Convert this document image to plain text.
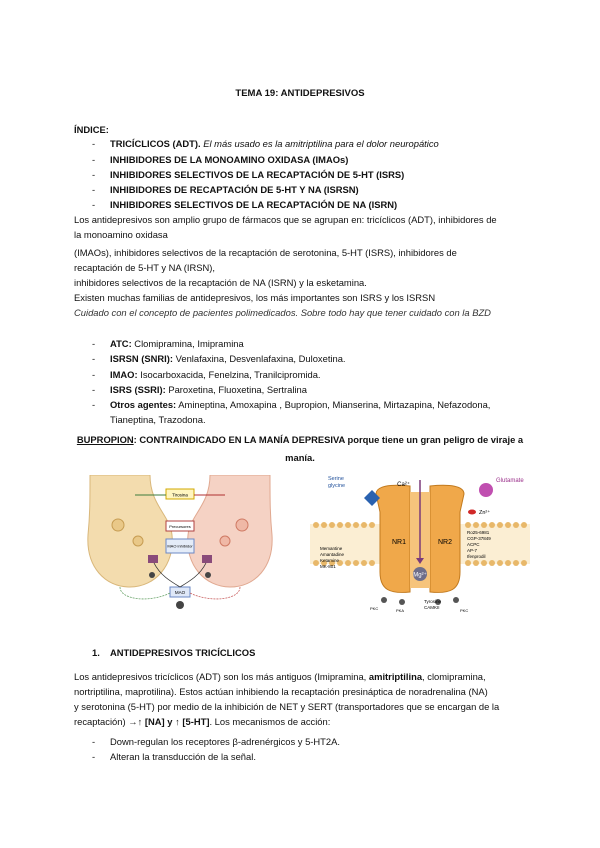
TEMA 19: ANTIDEPRESIVOS
ÍNDICE:
- TRICÍCLICOS (ADT). El más usado es la amitriptilina para el dolor neuropático
- INHIBIDORES DE LA MONOAMINO OXIDASA (IMAOs)
- INHIBIDORES SELECTIVOS DE LA RECAPTACIÓN DE 5-HT (ISRS)
- INHIBIDORES DE RECAPTACIÓN DE 5-HT Y NA (ISRSN)
- INHIBIDORES SELECTIVOS DE LA RECAPTACIÓN DE NA (ISRN)
Los antidepresivos son amplio grupo de fármacos que se agrupan en: tricíclicos (ADT), inhibidores de
la monoamino oxidasa
(IMAOs), inhibidores selectivos de la recaptación de serotonina, 5-HT (ISRS), inhibidores de
recaptación de 5-HT y NA (IRSN),
inhibidores selectivos de la recaptación de NA (ISRN) y la esketamina.
Existen muchas familias de antidepresivos, los más importantes son ISRS y los ISRSN
Cuidado con el concepto de pacientes polimedicados. Sobre todo hay que tener cuidado con la BZD
- ATC: Clomipramina, Imipramina
- ISRSN (SNRI): Venlafaxina, Desvenlafaxina, Duloxetina.
- IMAO: Isocarboxacida, Fenelzina, Tranilcipromida.
- ISRS (SSRI): Paroxetina, Fluoxetina, Sertralina
- Otros agentes: Amineptina, Amoxapina , Bupropion, Mianserina, Mirtazapina, Nefazodona,
Tianeptina, Trazodona.
BUPROPION: CONTRAINDICADO EN LA MANÍA DEPRESIVA porque tiene un gran peligro de viraje a
manía.
Tirosina
Precursores
MAO inhibidor
MAO
Mg²⁺
Ca²⁺
NR1	NR2
Serine
glycine
Glutamate
Zn²⁺
Memantine
Amantadine
Ketamine
MK-801
Ro25-6981
CGP-37849
ACPC
AP-7
Ifenprodil
PKC	PKA
Tyrosine
CAMKII
PKC
1. ANTIDEPRESIVOS TRICÍCLICOS
Los antidepresivos tricíclicos (ADT) son los más antiguos (Imipramina, amitriptilina, clomipramina,
nortriptilina, maprotilina). Estos actúan inhibiendo la recaptación presináptica de noradrenalina (NA)
y serotonina (5-HT) por medio de la inhibición de NET y SERT (transportadores que se encargan de la
recaptación) →↑ [NA] y ↑ [5-HT]. Los mecanismos de acción:
- Down-regulan los receptores β-adrenérgicos y 5-HT2A.
- Alteran la transducción de la señal.
